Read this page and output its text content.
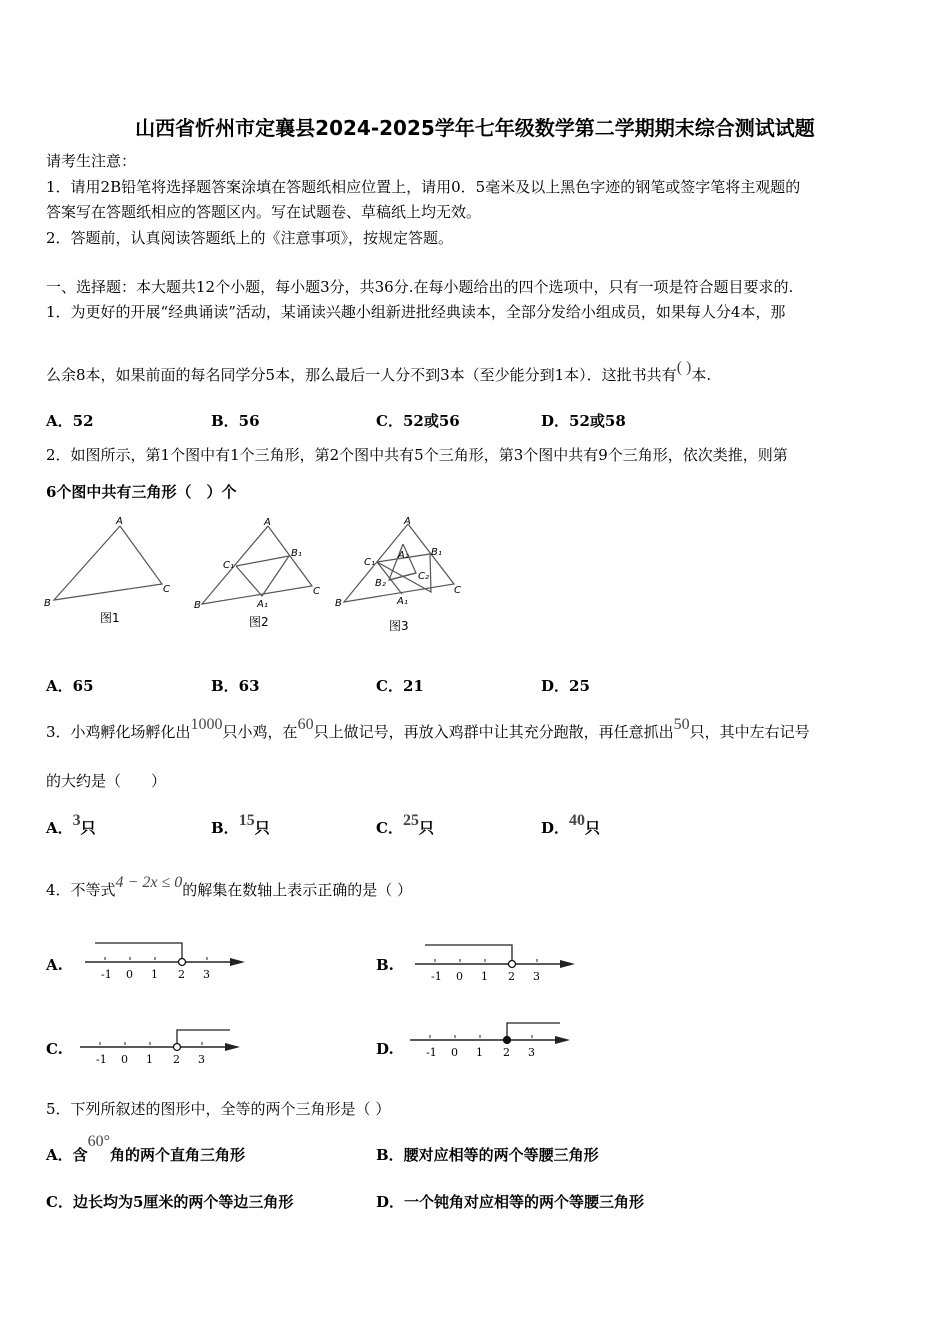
山西省忻州市定襄县2024-2025学年七年级数学第二学期期末综合测试试题
请考生注意：
1．请用2B铅笔将选择题答案涂填在答题纸相应位置上，请用0．5毫米及以上黑色字迹的钢笔或签字笔将主观题的
答案写在答题纸相应的答题区内。写在试题卷、草稿纸上均无效。
2．答题前，认真阅读答题纸上的《注意事项》，按规定答题。
一、选择题：本大题共12个小题，每小题3分，共36分.在每小题给出的四个选项中，只有一项是符合题目要求的.
1．为更好的开展“经典诵读”活动，某诵读兴趣小组新进批经典读本，全部分发给小组成员，如果每人分4本，那
么余8本，如果前面的每名同学分5本，那么最后一人分不到3本（至少能分到1本）．这批书共有( )本.
A．52	B．56	C．52或56	D．52或58
2．如图所示，第1个图中有1个三角形，第2个图中共有5个三角形，第3个图中共有9个三角形，依次类推，则第
6个图中共有三角形（　）个
A
B
C
A
B
C
C₁
B₁
A₁
A
B
C
C₁
B₁
A₁
A₂
B₂
C₂
图1	图2	图3
A．65	B．63	C．21	D．25
3．小鸡孵化场孵化出1000只小鸡，在60只上做记号，再放入鸡群中让其充分跑散，再任意抓出50只，其中左右记号
的大约是（　　）
A．3只	B．15只	C．25只	D．40只
4．不等式4 − 2x ≤ 0的解集在数轴上表示正确的是（ ）
A.	B.
C.	D.
-1 0 1 2 3	-1 0 1 2 3
-1 0 1 2 3
-1 0 1 2 3
5．下列所叙述的图形中，全等的两个三角形是（ ）
A．含60°角的两个直角三角形	B．腰对应相等的两个等腰三角形
C．边长均为5厘米的两个等边三角形	D．一个钝角对应相等的两个等腰三角形
